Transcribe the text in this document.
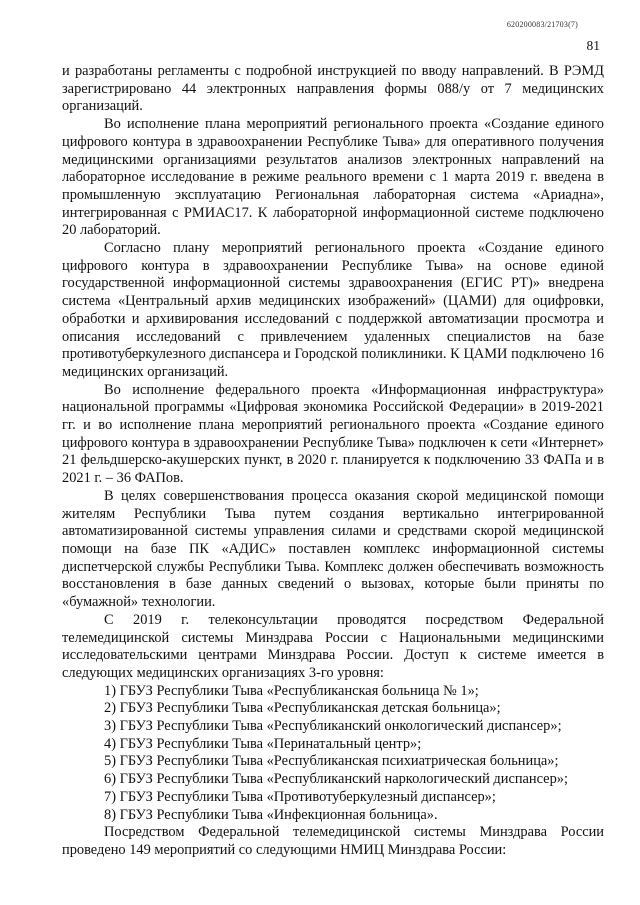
620200083/21703(7)
81

и разработаны регламенты с подробной инструкцией по вводу направлений. В РЭМД зарегистрировано 44 электронных направления формы 088/у от 7 медицинских организаций.

Во исполнение плана мероприятий регионального проекта «Создание единого цифрового контура в здравоохранении Республике Тыва» для оперативного получения медицинскими организациями результатов анализов электронных направлений на лабораторное исследование в режиме реального времени с 1 марта 2019 г. введена в промышленную эксплуатацию Региональная лабораторная система «Ариадна», интегрированная с РМИАС17. К лабораторной информационной системе подключено 20 лабораторий.

Согласно плану мероприятий регионального проекта «Создание единого цифрового контура в здравоохранении Республике Тыва» на основе единой государственной информационной системы здравоохранения (ЕГИС РТ)» внедрена система «Центральный архив медицинских изображений» (ЦАМИ) для оцифровки, обработки и архивирования исследований с поддержкой автоматизации просмотра и описания исследований с привлечением удаленных специалистов на базе противотуберкулезного диспансера и Городской поликлиники. К ЦАМИ подключено 16 медицинских организаций.

Во исполнение федерального проекта «Информационная инфраструктура» национальной программы «Цифровая экономика Российской Федерации» в 2019-2021 гг. и во исполнение плана мероприятий регионального проекта «Создание единого цифрового контура в здравоохранении Республике Тыва» подключен к сети «Интернет» 21 фельдшерско-акушерских пункт, в 2020 г. планируется к подключению 33 ФАПа и в 2021 г. – 36 ФАПов.

В целях совершенствования процесса оказания скорой медицинской помощи жителям Республики Тыва путем создания вертикально интегрированной автоматизированной системы управления силами и средствами скорой медицинской помощи на базе ПК «АДИС» поставлен комплекс информационной системы диспетчерской службы Республики Тыва. Комплекс должен обеспечивать возможность восстановления в базе данных сведений о вызовах, которые были приняты по «бумажной» технологии.

С 2019 г. телеконсультации проводятся посредством Федеральной телемедицинской системы Минздрава России с Национальными медицинскими исследовательскими центрами Минздрава России. Доступ к системе имеется в следующих медицинских организациях 3-го уровня:

1) ГБУЗ Республики Тыва «Республиканская больница № 1»;
2) ГБУЗ Республики Тыва «Республиканская детская больница»;
3) ГБУЗ Республики Тыва «Республиканский онкологический диспансер»;
4) ГБУЗ Республики Тыва «Перинатальный центр»;
5) ГБУЗ Республики Тыва «Республиканская психиатрическая больница»;
6) ГБУЗ Республики Тыва «Республиканский наркологический диспансер»;
7) ГБУЗ Республики Тыва «Противотуберкулезный диспансер»;
8) ГБУЗ Республики Тыва «Инфекционная больница».

Посредством Федеральной телемедицинской системы Минздрава России проведено 149 мероприятий со следующими НМИЦ Минздрава России:
